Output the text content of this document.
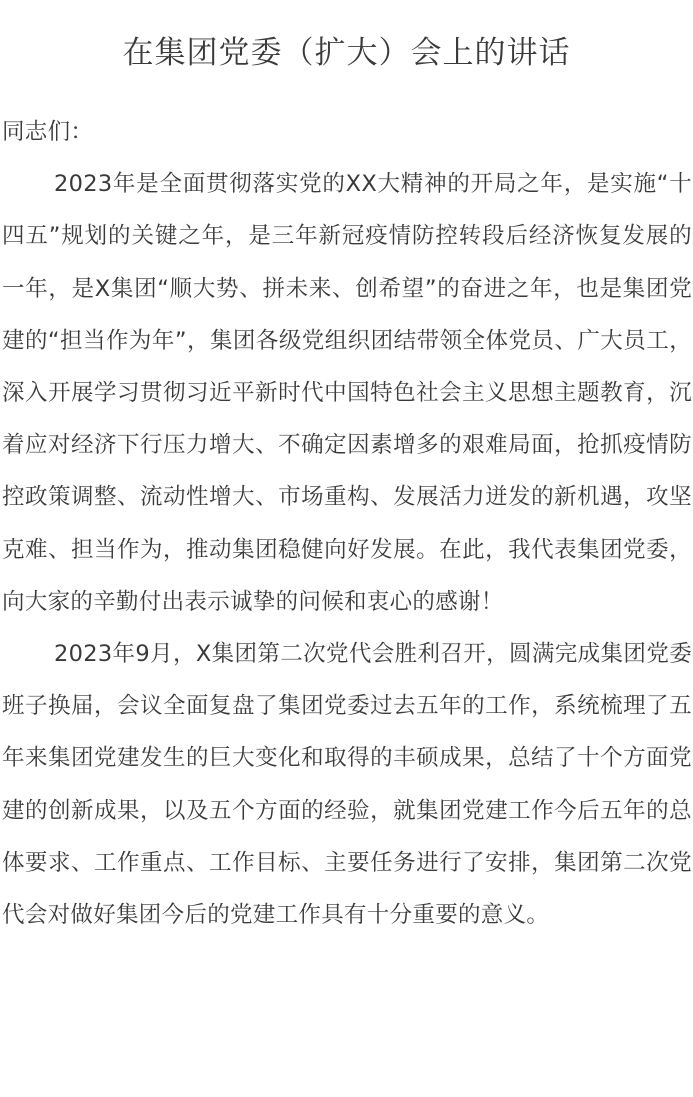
在集团党委（扩大）会上的讲话

同志们：

2023年是全面贯彻落实党的XX大精神的开局之年，是实施“十四五”规划的关键之年，是三年新冠疫情防控转段后经济恢复发展的一年，是X集团“顺大势、拼未来、创希望”的奋进之年，也是集团党建的“担当作为年”，集团各级党组织团结带领全体党员、广大员工，深入开展学习贯彻习近平新时代中国特色社会主义思想主题教育，沉着应对经济下行压力增大、不确定因素增多的艰难局面，抢抓疫情防控政策调整、流动性增大、市场重构、发展活力迸发的新机遇，攻坚克难、担当作为，推动集团稳健向好发展。在此，我代表集团党委，向大家的辛勤付出表示诚挚的问候和衷心的感谢！

2023年9月，X集团第二次党代会胜利召开，圆满完成集团党委班子换届，会议全面复盘了集团党委过去五年的工作，系统梳理了五年来集团党建发生的巨大变化和取得的丰硕成果，总结了十个方面党建的创新成果，以及五个方面的经验，就集团党建工作今后五年的总体要求、工作重点、工作目标、主要任务进行了安排，集团第二次党代会对做好集团今后的党建工作具有十分重要的意义。
